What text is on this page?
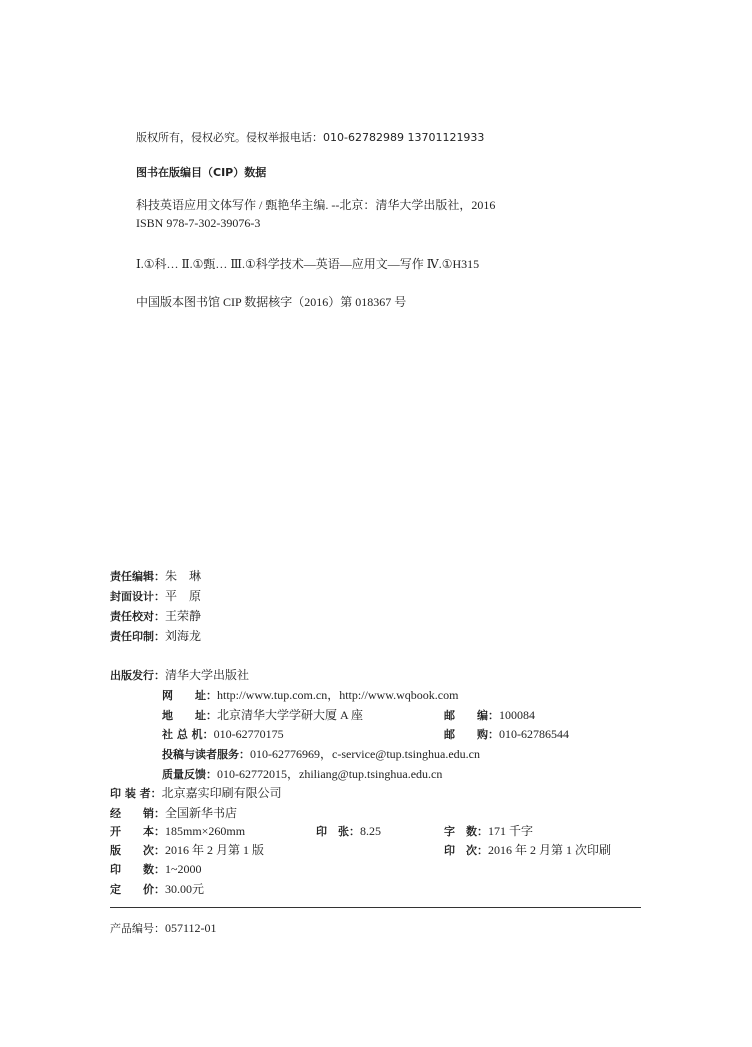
版权所有，侵权必究。侵权举报电话：010-62782989 13701121933
图书在版编目（CIP）数据
科技英语应用文体写作 / 甄艳华主编. --北京：清华大学出版社，2016
ISBN 978-7-302-39076-3
Ⅰ.①科… Ⅱ.①甄… Ⅲ.①科学技术—英语—应用文—写作 Ⅳ.①H315
中国版本图书馆 CIP 数据核字（2016）第 018367 号
责任编辑：朱　琳
封面设计：平　原
责任校对：王荣静
责任印制：刘海龙
出版发行：清华大学出版社
网　　址：http://www.tup.com.cn，http://www.wqbook.com
地　　址：北京清华大学学研大厦 A 座	邮　　编：100084
社 总 机：010-62770175	邮　　购：010-62786544
投稿与读者服务：010-62776969，c-service@tup.tsinghua.edu.cn
质量反馈：010-62772015，zhiliang@tup.tsinghua.edu.cn
印 装 者：北京嘉实印刷有限公司
经　　销：全国新华书店
开　　本：185mm×260mm	印　张：8.25	字　数：171 千字
版　　次：2016 年 2 月第 1 版	印　次：2016 年 2 月第 1 次印刷
印　　数：1~2000
定　　价：30.00元
产品编号：057112-01
